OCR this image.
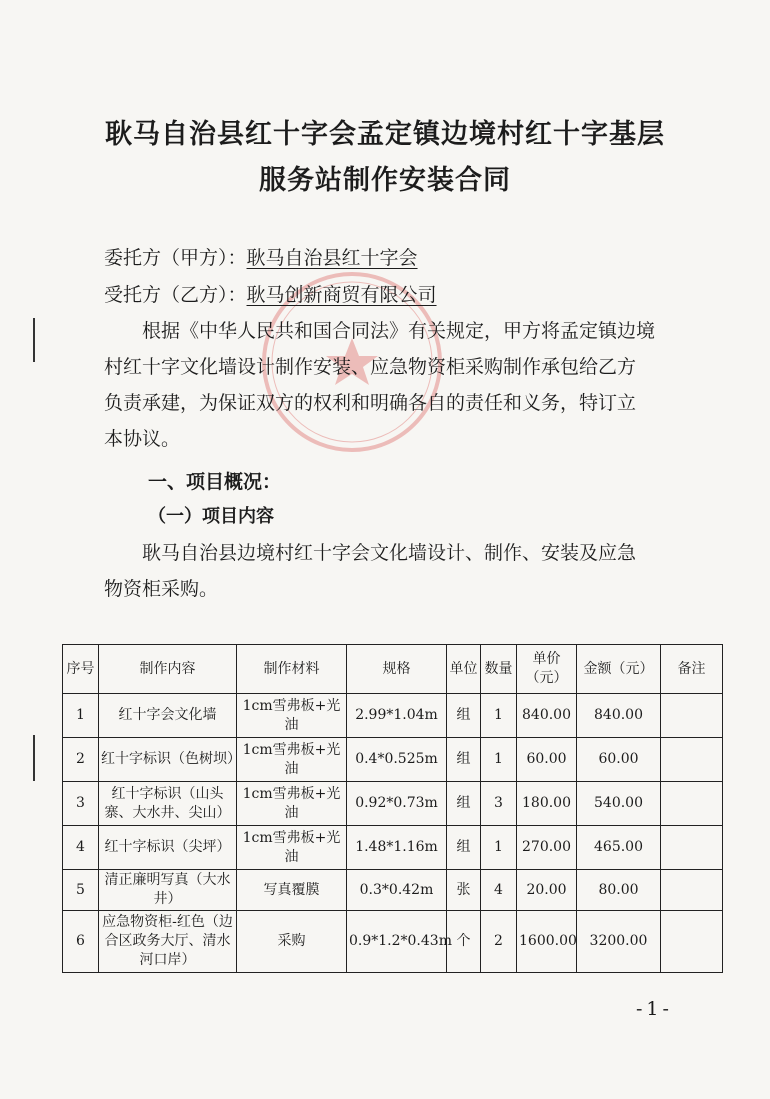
耿马自治县红十字会孟定镇边境村红十字基层
服务站制作安装合同
委托方（甲方）：耿马自治县红十字会
受托方（乙方）：耿马创新商贸有限公司
　　根据《中华人民共和国合同法》有关规定，甲方将孟定镇边境
村红十字文化墙设计制作安装、应急物资柜采购制作承包给乙方
负责承建，为保证双方的权利和明确各自的责任和义务，特订立
本协议。
一、项目概况：
（一）项目内容
　　耿马自治县边境村红十字会文化墙设计、制作、安装及应急
物资柜采购。
序号	制作内容	制作材料	规格	单位	数量	单价（元）	金额（元）	备注
1	红十字会文化墙	1cm雪弗板+光油	2.99*1.04m	组	1	840.00	840.00	
2	红十字标识（色树坝）	1cm雪弗板+光油	0.4*0.525m	组	1	60.00	60.00	
3	红十字标识（山头寨、大水井、尖山）	1cm雪弗板+光油	0.92*0.73m	组	3	180.00	540.00	
4	红十字标识（尖坪）	1cm雪弗板+光油	1.48*1.16m	组	1	270.00	465.00	
5	清正廉明写真（大水井）	写真覆膜	0.3*0.42m	张	4	20.00	80.00	
6	应急物资柜-红色（边合区政务大厅、清水河口岸）	采购	0.9*1.2*0.43m	个	2	1600.00	3200.00	
-1-
